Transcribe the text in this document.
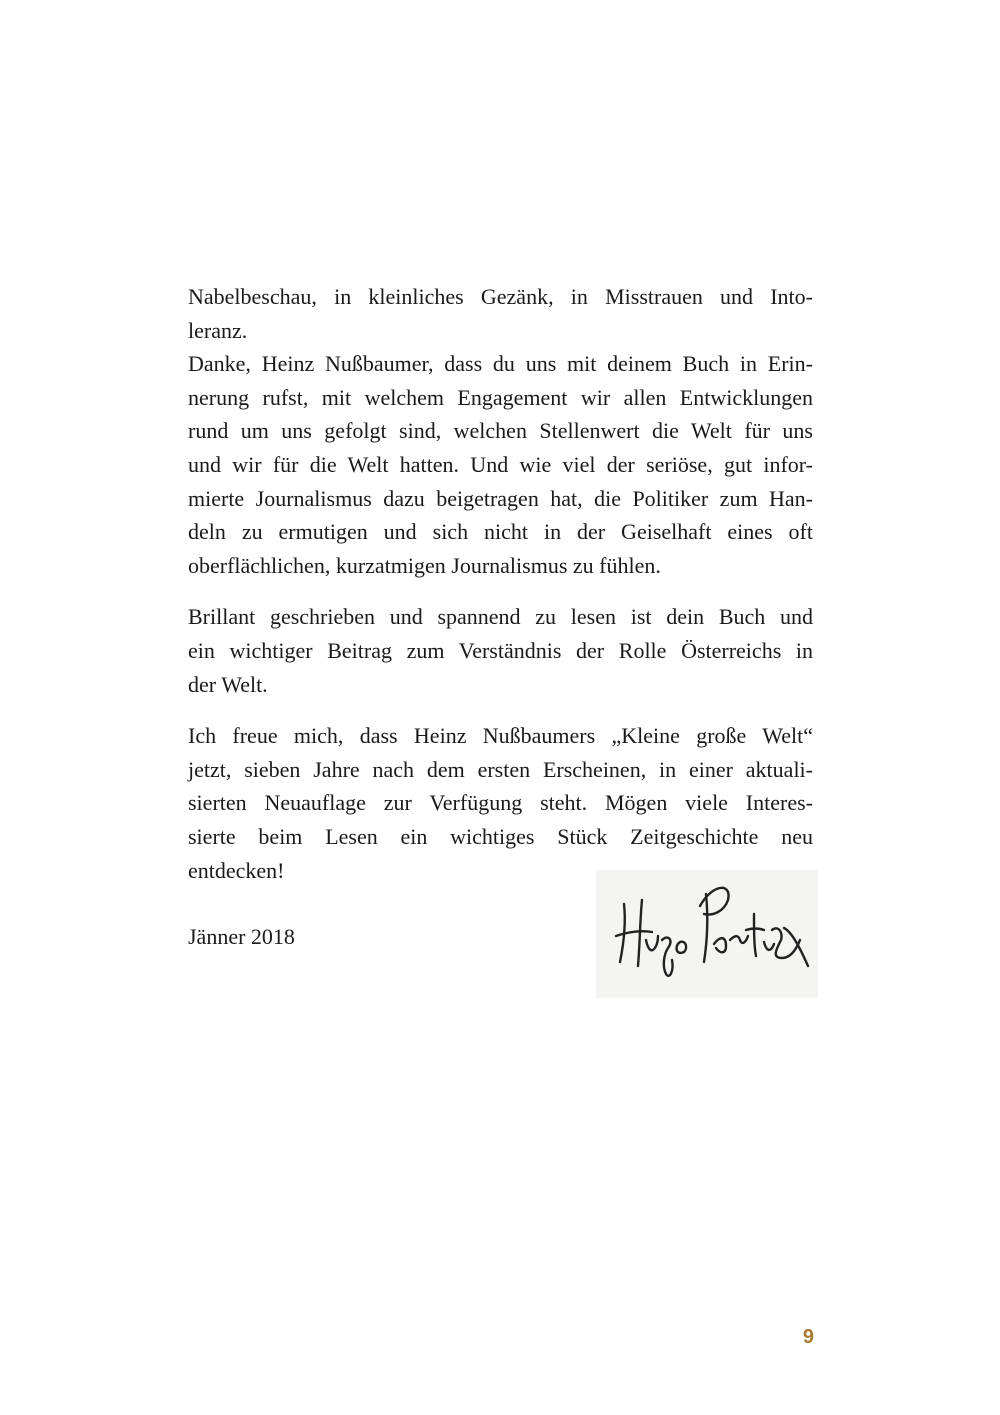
Nabelbeschau, in kleinliches Gezänk, in Misstrauen und Into-
leranz.
Danke, Heinz Nußbaumer, dass du uns mit deinem Buch in Erin-
nerung rufst, mit welchem Engagement wir allen Entwicklungen
rund um uns gefolgt sind, welchen Stellenwert die Welt für uns
und wir für die Welt hatten. Und wie viel der seriöse, gut infor-
mierte Journalismus dazu beigetragen hat, die Politiker zum Han-
deln zu ermutigen und sich nicht in der Geiselhaft eines oft
oberflächlichen, kurzatmigen Journalismus zu fühlen.
Brillant geschrieben und spannend zu lesen ist dein Buch und
ein wichtiger Beitrag zum Verständnis der Rolle Österreichs in
der Welt.
Ich freue mich, dass Heinz Nußbaumers „Kleine große Welt“
jetzt, sieben Jahre nach dem ersten Erscheinen, in einer aktuali-
sierten Neuauflage zur Verfügung steht. Mögen viele Interes-
sierte beim Lesen ein wichtiges Stück Zeitgeschichte neu
entdecken!
Jänner 2018
9
